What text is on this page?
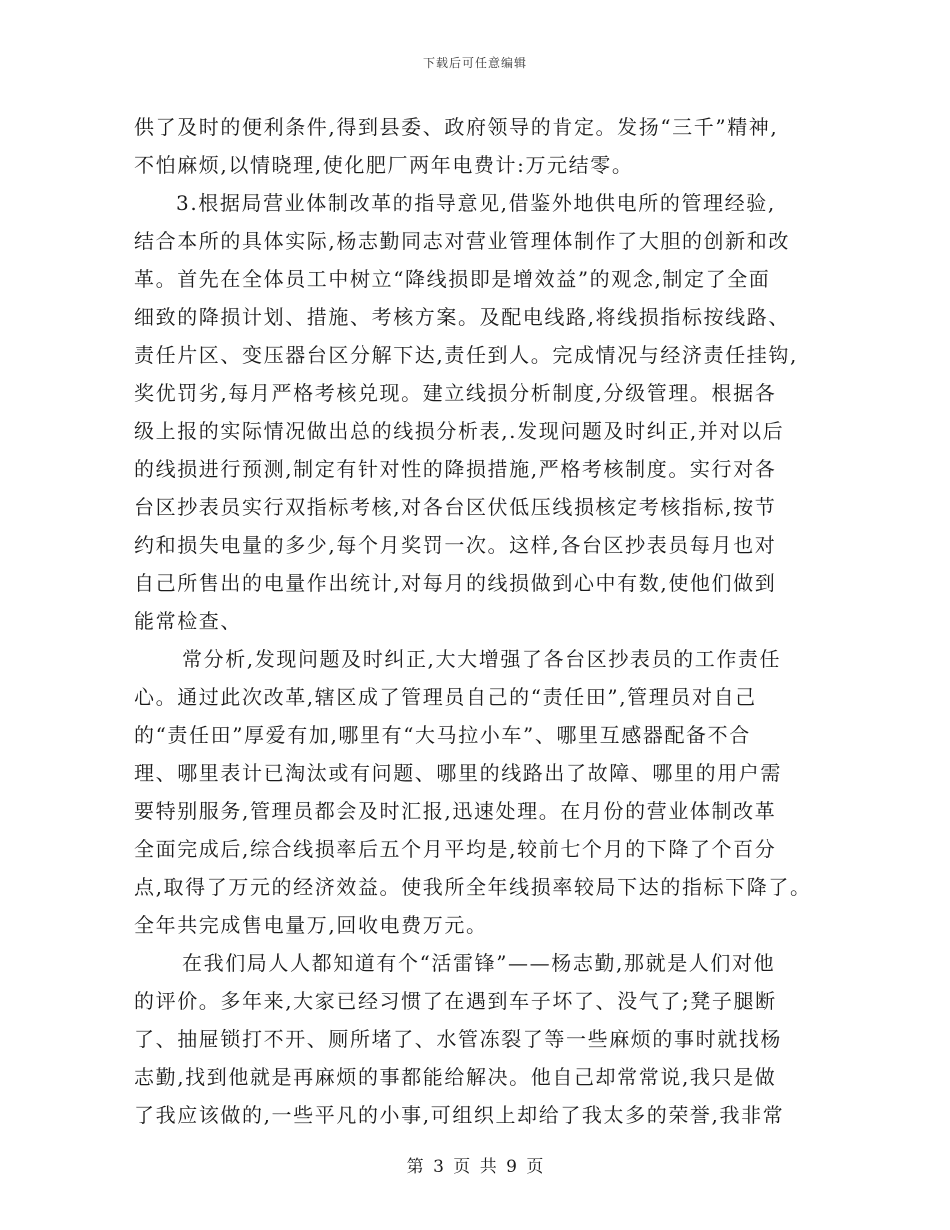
下载后可任意编辑
供了及时的便利条件,得到县委、政府领导的肯定。发扬“三千”精神,
不怕麻烦,以情晓理,使化肥厂两年电费计:万元结零。
3.根据局营业体制改革的指导意见,借鉴外地供电所的管理经验,
结合本所的具体实际,杨志勤同志对营业管理体制作了大胆的创新和改
革。首先在全体员工中树立“降线损即是增效益”的观念,制定了全面
细致的降损计划、措施、考核方案。及配电线路,将线损指标按线路、
责任片区、变压器台区分解下达,责任到人。完成情况与经济责任挂钩,
奖优罚劣,每月严格考核兑现。建立线损分析制度,分级管理。根据各
级上报的实际情况做出总的线损分析表,.发现问题及时纠正,并对以后
的线损进行预测,制定有针对性的降损措施,严格考核制度。实行对各
台区抄表员实行双指标考核,对各台区伏低压线损核定考核指标,按节
约和损失电量的多少,每个月奖罚一次。这样,各台区抄表员每月也对
自己所售出的电量作出统计,对每月的线损做到心中有数,使他们做到
能常检查、
常分析,发现问题及时纠正,大大增强了各台区抄表员的工作责任
心。通过此次改革,辖区成了管理员自己的“责任田”,管理员对自己
的“责任田”厚爱有加,哪里有“大马拉小车”、哪里互感器配备不合
理、哪里表计已淘汰或有问题、哪里的线路出了故障、哪里的用户需
要特别服务,管理员都会及时汇报,迅速处理。在月份的营业体制改革
全面完成后,综合线损率后五个月平均是,较前七个月的下降了个百分
点,取得了万元的经济效益。使我所全年线损率较局下达的指标下降了。
全年共完成售电量万,回收电费万元。
在我们局人人都知道有个“活雷锋”——杨志勤,那就是人们对他
的评价。多年来,大家已经习惯了在遇到车子坏了、没气了;凳子腿断
了、抽屉锁打不开、厕所堵了、水管冻裂了等一些麻烦的事时就找杨
志勤,找到他就是再麻烦的事都能给解决。他自己却常常说,我只是做
了我应该做的,一些平凡的小事,可组织上却给了我太多的荣誉,我非常
第 3 页 共 9 页
